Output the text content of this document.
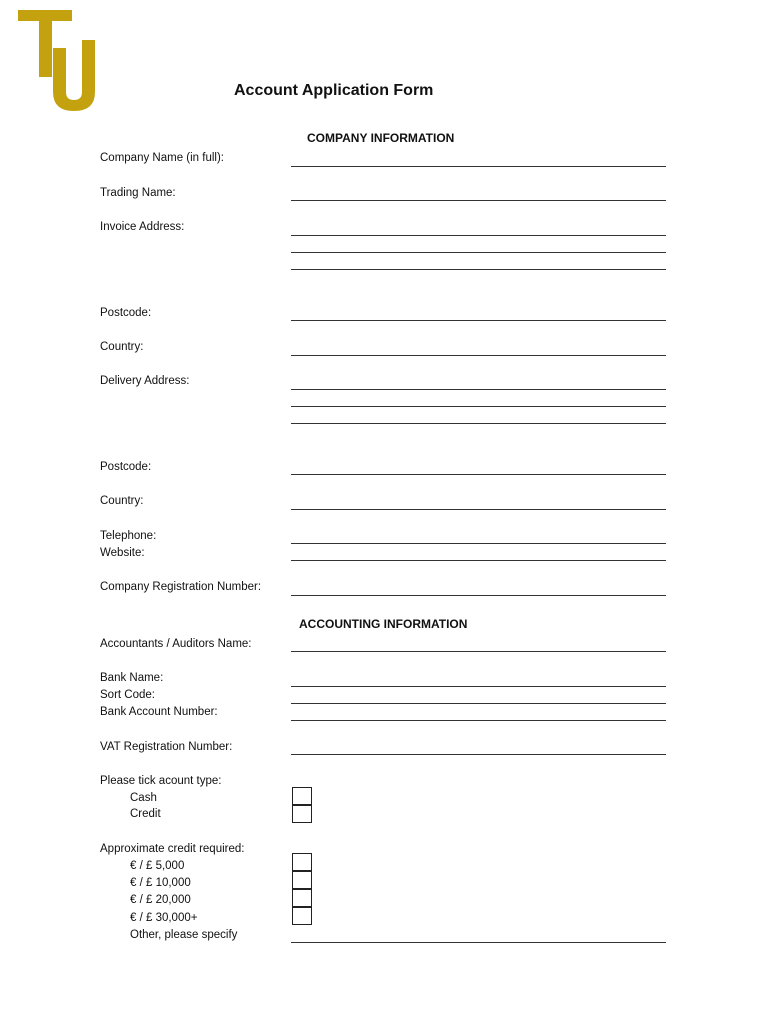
Account Application Form
COMPANY INFORMATION
Company Name (in full):
Trading Name:
Invoice Address:
Postcode:
Country:
Delivery Address:
Postcode:
Country:
Telephone:
Website:
Company Registration Number:
ACCOUNTING INFORMATION
Accountants / Auditors Name:
Bank Name:
Sort Code:
Bank Account Number:
VAT Registration Number:
Please tick acount type:
Cash
Credit
Approximate credit required:
€ / £ 5,000
€ / £ 10,000
€ / £ 20,000
€ / £ 30,000+
Other, please specify
